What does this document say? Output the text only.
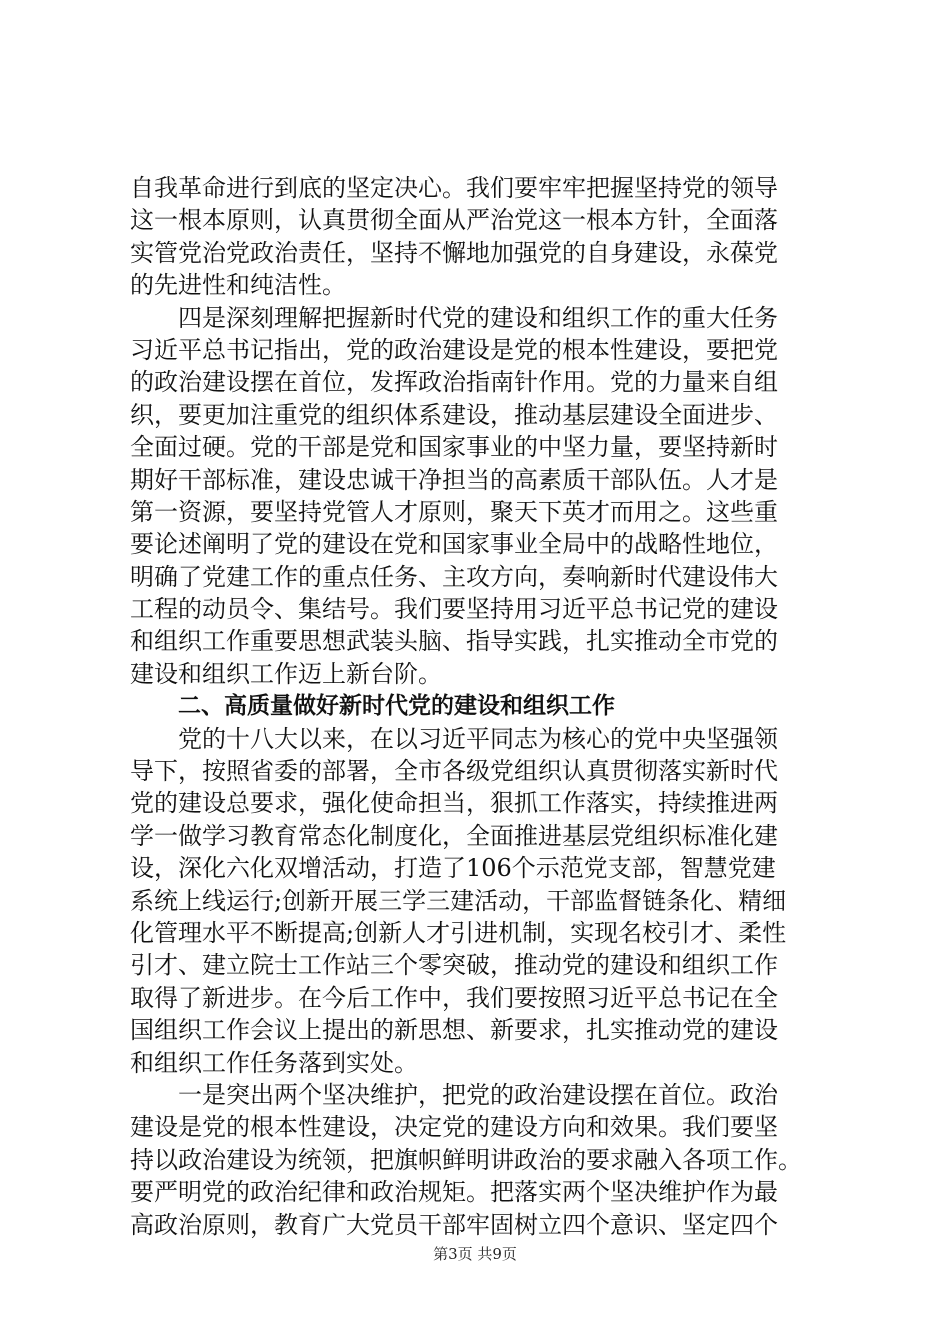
自我革命进行到底的坚定决心。我们要牢牢把握坚持党的领导
这一根本原则，认真贯彻全面从严治党这一根本方针，全面落
实管党治党政治责任，坚持不懈地加强党的自身建设，永葆党
的先进性和纯洁性。
四是深刻理解把握新时代党的建设和组织工作的重大任务
习近平总书记指出，党的政治建设是党的根本性建设，要把党
的政治建设摆在首位，发挥政治指南针作用。党的力量来自组
织，要更加注重党的组织体系建设，推动基层建设全面进步、
全面过硬。党的干部是党和国家事业的中坚力量，要坚持新时
期好干部标准，建设忠诚干净担当的高素质干部队伍。人才是
第一资源，要坚持党管人才原则，聚天下英才而用之。这些重
要论述阐明了党的建设在党和国家事业全局中的战略性地位，
明确了党建工作的重点任务、主攻方向，奏响新时代建设伟大
工程的动员令、集结号。我们要坚持用习近平总书记党的建设
和组织工作重要思想武装头脑、指导实践，扎实推动全市党的
建设和组织工作迈上新台阶。
二、高质量做好新时代党的建设和组织工作
党的十八大以来，在以习近平同志为核心的党中央坚强领
导下，按照省委的部署，全市各级党组织认真贯彻落实新时代
党的建设总要求，强化使命担当，狠抓工作落实，持续推进两
学一做学习教育常态化制度化，全面推进基层党组织标准化建
设，深化六化双增活动，打造了106个示范党支部，智慧党建
系统上线运行;创新开展三学三建活动，干部监督链条化、精细
化管理水平不断提高;创新人才引进机制，实现名校引才、柔性
引才、建立院士工作站三个零突破，推动党的建设和组织工作
取得了新进步。在今后工作中，我们要按照习近平总书记在全
国组织工作会议上提出的新思想、新要求，扎实推动党的建设
和组织工作任务落到实处。
一是突出两个坚决维护，把党的政治建设摆在首位。政治
建设是党的根本性建设，决定党的建设方向和效果。我们要坚
持以政治建设为统领，把旗帜鲜明讲政治的要求融入各项工作。
要严明党的政治纪律和政治规矩。把落实两个坚决维护作为最
高政治原则，教育广大党员干部牢固树立四个意识、坚定四个
第3页 共9页
